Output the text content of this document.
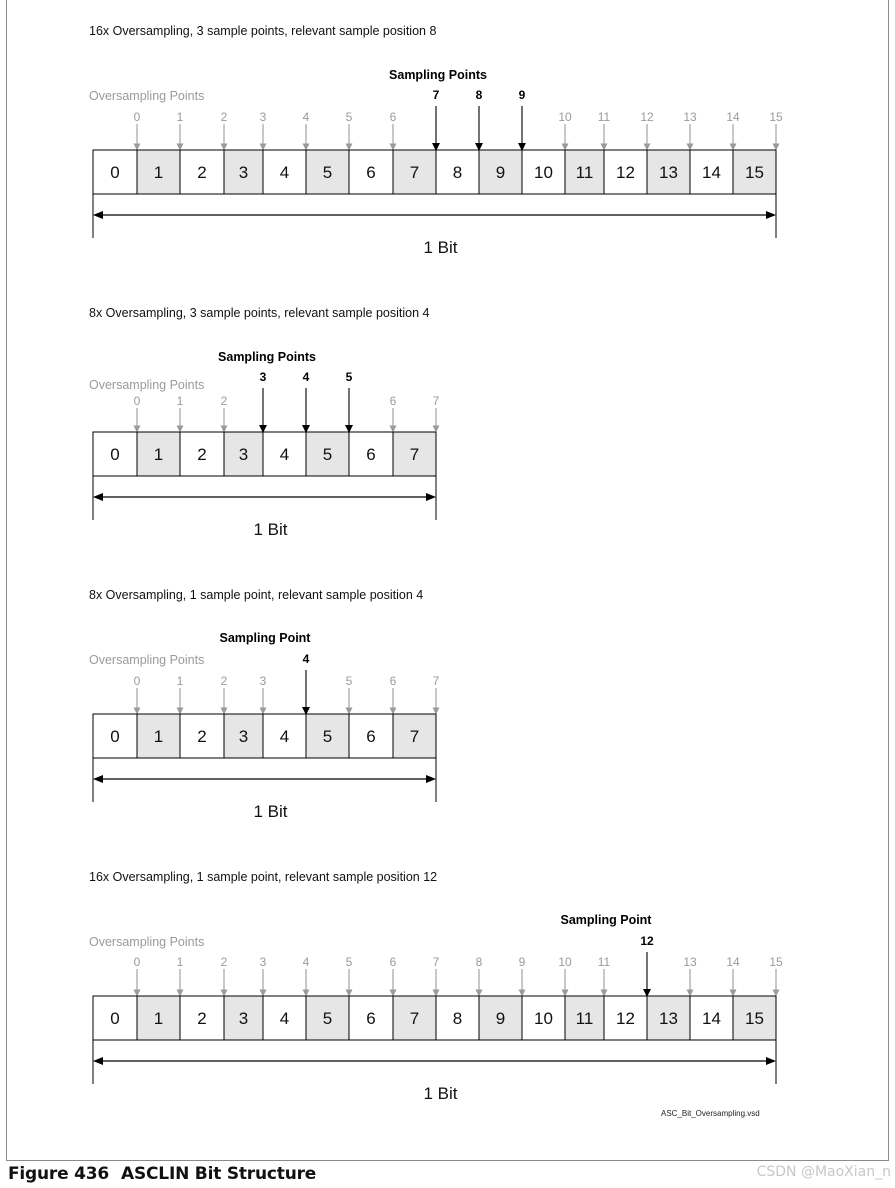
16x Oversampling, 3 sample points, relevant sample position 8
Oversampling Points
Sampling Points
0	1	2	3	4	5	6
7	8	9
10 11	12 13 14 15
0 1 2 3 4 5 6 7 8 9 10 11 12 13 14 15
1 Bit
8x Oversampling, 3 sample points, relevant sample position 4
Oversampling Points
Sampling Points
0	1	2
3	4	5
6	7
0 1 2 3 4 5 6 7
1 Bit
8x Oversampling, 1 sample point, relevant sample position 4
Oversampling Points
Sampling Point
0	1	2	3
4
5	6	7
0 1 2 3 4 5 6 7
1 Bit
16x Oversampling, 1 sample point, relevant sample position 12
Oversampling Points
Sampling Point
0	1	2	3	4	5	6	7	8	9	10 11
12
13 14 15
0 1 2 3 4 5 6 7 8 9 10 11 12 13 14 15
1 Bit
ASC_Bit_Oversampling.vsd
Figure 436 ASCLIN Bit Structure	CSDN @MaoXian_n
